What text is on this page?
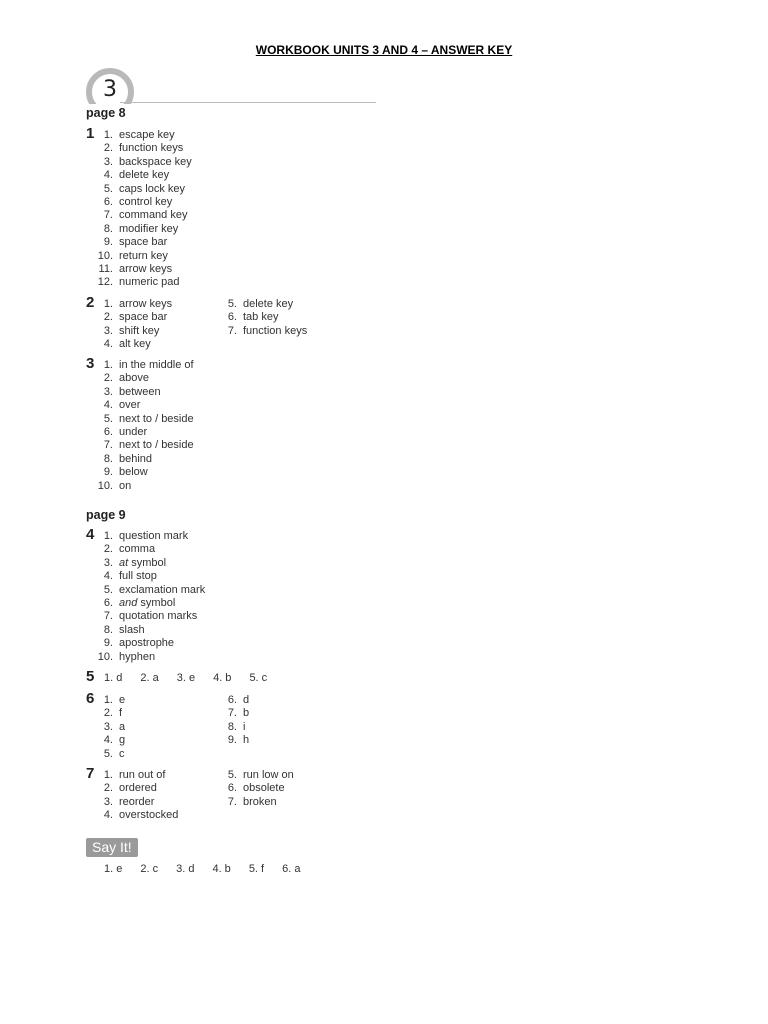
WORKBOOK UNITS 3 AND 4 – ANSWER KEY
3
page 8
1 1. escape key
2. function keys
3. backspace key
4. delete key
5. caps lock key
6. control key
7. command key
8. modifier key
9. space bar
10. return key
11. arrow keys
12. numeric pad
2 1. arrow keys
2. space bar
3. shift key
4. alt key
5. delete key
6. tab key
7. function keys
3 1. in the middle of
2. above
3. between
4. over
5. next to / beside
6. under
7. next to / beside
8. behind
9. below
10. on
page 9
4 1. question mark
2. comma
3. at symbol
4. full stop
5. exclamation mark
6. and symbol
7. quotation marks
8. slash
9. apostrophe
10. hyphen
5 1. d 2. a 3. e 4. b 5. c
6 1. e
2. f
3. a
4. g
5. c
6. d
7. b
8. i
9. h
7 1. run out of
2. ordered
3. reorder
4. overstocked
5. run low on
6. obsolete
7. broken
Say It!
1. e 2. c 3. d 4. b 5. f 6. a
